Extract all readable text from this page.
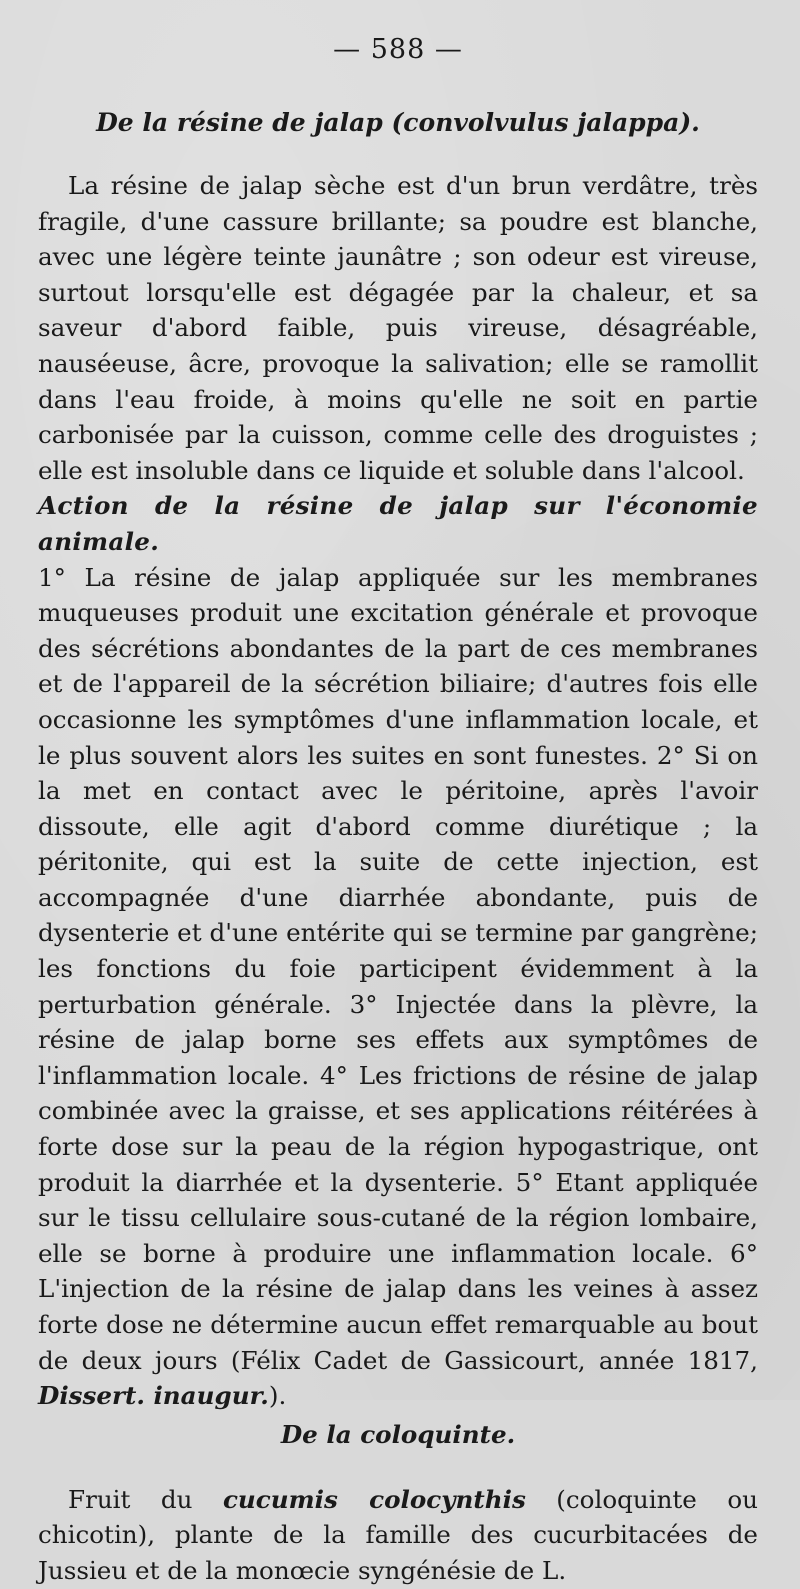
— 588 —
De la résine de jalap (convolvulus jalappa).

La résine de jalap sèche est d'un brun verdâtre, très fragile, d'une cassure brillante; sa poudre est blanche, avec une légère teinte jaunâtre ; son odeur est vireuse, surtout lorsqu'elle est dégagée par la chaleur, et sa saveur d'abord faible, puis vireuse, désagréable, nauséeuse, âcre, provoque la salivation; elle se ramollit dans l'eau froide, à moins qu'elle ne soit en partie carbonisée par la cuisson, comme celle des droguistes ; elle est insoluble dans ce liquide et soluble dans l'alcool.

Action de la résine de jalap sur l'économie animale.
1° La résine de jalap appliquée sur les membranes muqueuses produit une excitation générale et provoque des sécrétions abondantes de la part de ces membranes et de l'appareil de la sécrétion biliaire; d'autres fois elle occasionne les symptômes d'une inflammation locale, et le plus souvent alors les suites en sont funestes. 2° Si on la met en contact avec le péritoine, après l'avoir dissoute, elle agit d'abord comme diurétique ; la péritonite, qui est la suite de cette injection, est accompagnée d'une diarrhée abondante, puis de dysenterie et d'une entérite qui se termine par gangrène; les fonctions du foie participent évidemment à la perturbation générale. 3° Injectée dans la plèvre, la résine de jalap borne ses effets aux symptômes de l'inflammation locale. 4° Les frictions de résine de jalap combinée avec la graisse, et ses applications réitérées à forte dose sur la peau de la région hypogastrique, ont produit la diarrhée et la dysenterie. 5° Etant appliquée sur le tissu cellulaire sous-cutané de la région lombaire, elle se borne à produire une inflammation locale. 6° L'injection de la résine de jalap dans les veines à assez forte dose ne détermine aucun effet remarquable au bout de deux jours (Félix Cadet de Gassicourt, année 1817, Dissert. inaugur.).

De la coloquinte.

Fruit du cucumis colocynthis (coloquinte ou chicotin), plante de la famille des cucurbitacées de Jussieu et de la monœcie syngénésie de L.
